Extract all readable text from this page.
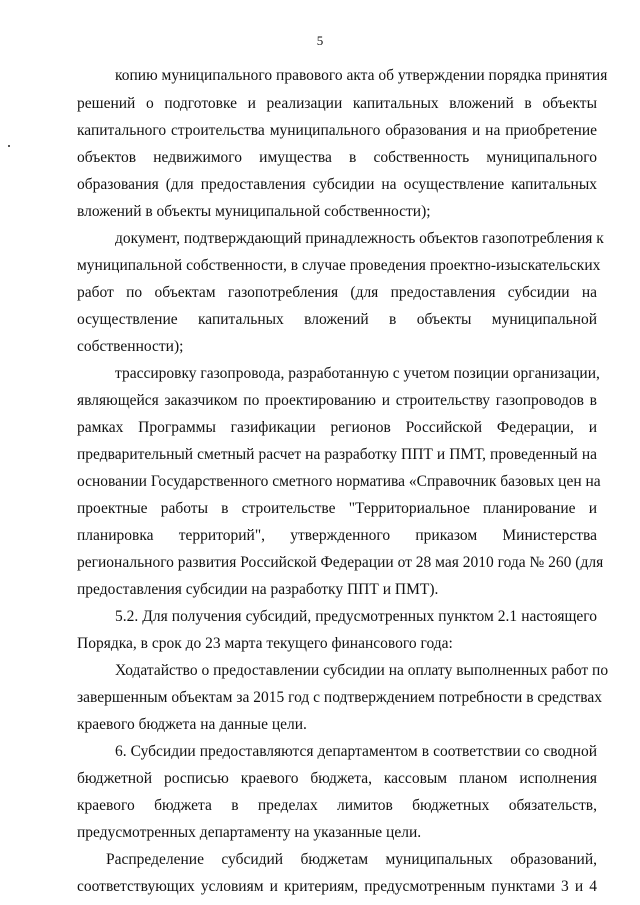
5
копию муниципального правового акта об утверждении порядка принятия
решений о подготовке и реализации капитальных вложений в объекты
капитального строительства муниципального образования и на приобретение
объектов недвижимого имущества в собственность муниципального
образования (для предоставления субсидии на осуществление капитальных
вложений в объекты муниципальной собственности);
документ, подтверждающий принадлежность объектов газопотребления к
муниципальной собственности, в случае проведения проектно-изыскательских
работ по объектам газопотребления (для предоставления субсидии на
осуществление капитальных вложений в объекты муниципальной
собственности);
трассировку газопровода, разработанную с учетом позиции организации,
являющейся заказчиком по проектированию и строительству газопроводов в
рамках Программы газификации регионов Российской Федерации, и
предварительный сметный расчет на разработку ППТ и ПМТ, проведенный на
основании Государственного сметного норматива «Справочник базовых цен на
проектные работы в строительстве "Территориальное планирование и
планировка территорий", утвержденного приказом Министерства
регионального развития Российской Федерации от 28 мая 2010 года № 260 (для
предоставления субсидии на разработку ППТ и ПМТ).
5.2. Для получения субсидий, предусмотренных пунктом 2.1 настоящего
Порядка, в срок до 23 марта текущего финансового года:
Ходатайство о предоставлении субсидии на оплату выполненных работ по
завершенным объектам за 2015 год с подтверждением потребности в средствах
краевого бюджета на данные цели.
6. Субсидии предоставляются департаментом в соответствии со сводной
бюджетной росписью краевого бюджета, кассовым планом исполнения
краевого бюджета в пределах лимитов бюджетных обязательств,
предусмотренных департаменту на указанные цели.
Распределение субсидий бюджетам муниципальных образований,
соответствующих условиям и критериям, предусмотренным пунктами 3 и 4
